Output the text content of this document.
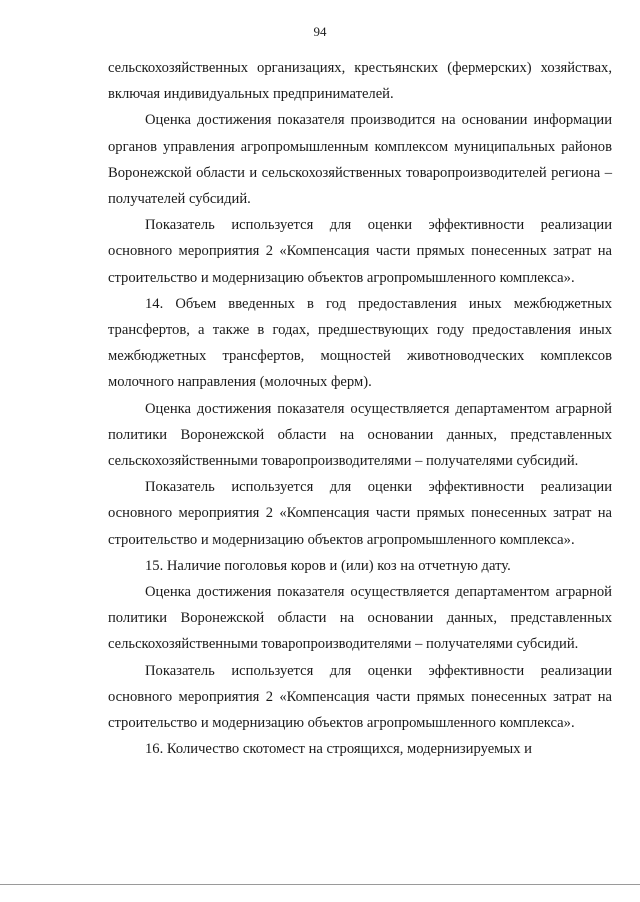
94

сельскохозяйственных организациях, крестьянских (фермерских) хозяйствах, включая индивидуальных предпринимателей.

Оценка достижения показателя производится на основании информации органов управления агропромышленным комплексом муниципальных районов Воронежской области и сельскохозяйственных товаропроизводителей региона – получателей субсидий.

Показатель используется для оценки эффективности реализации основного мероприятия 2 «Компенсация части прямых понесенных затрат на строительство и модернизацию объектов агропромышленного комплекса».

14. Объем введенных в год предоставления иных межбюджетных трансфертов, а также в годах, предшествующих году предоставления иных межбюджетных трансфертов, мощностей животноводческих комплексов молочного направления (молочных ферм).

Оценка достижения показателя осуществляется департаментом аграрной политики Воронежской области на основании данных, представленных сельскохозяйственными товаропроизводителями – получателями субсидий.

Показатель используется для оценки эффективности реализации основного мероприятия 2 «Компенсация части прямых понесенных затрат на строительство и модернизацию объектов агропромышленного комплекса».

15. Наличие поголовья коров и (или) коз на отчетную дату.

Оценка достижения показателя осуществляется департаментом аграрной политики Воронежской области на основании данных, представленных сельскохозяйственными товаропроизводителями – получателями субсидий.

Показатель используется для оценки эффективности реализации основного мероприятия 2 «Компенсация части прямых понесенных затрат на строительство и модернизацию объектов агропромышленного комплекса».

16. Количество скотомест на строящихся, модернизируемых и
